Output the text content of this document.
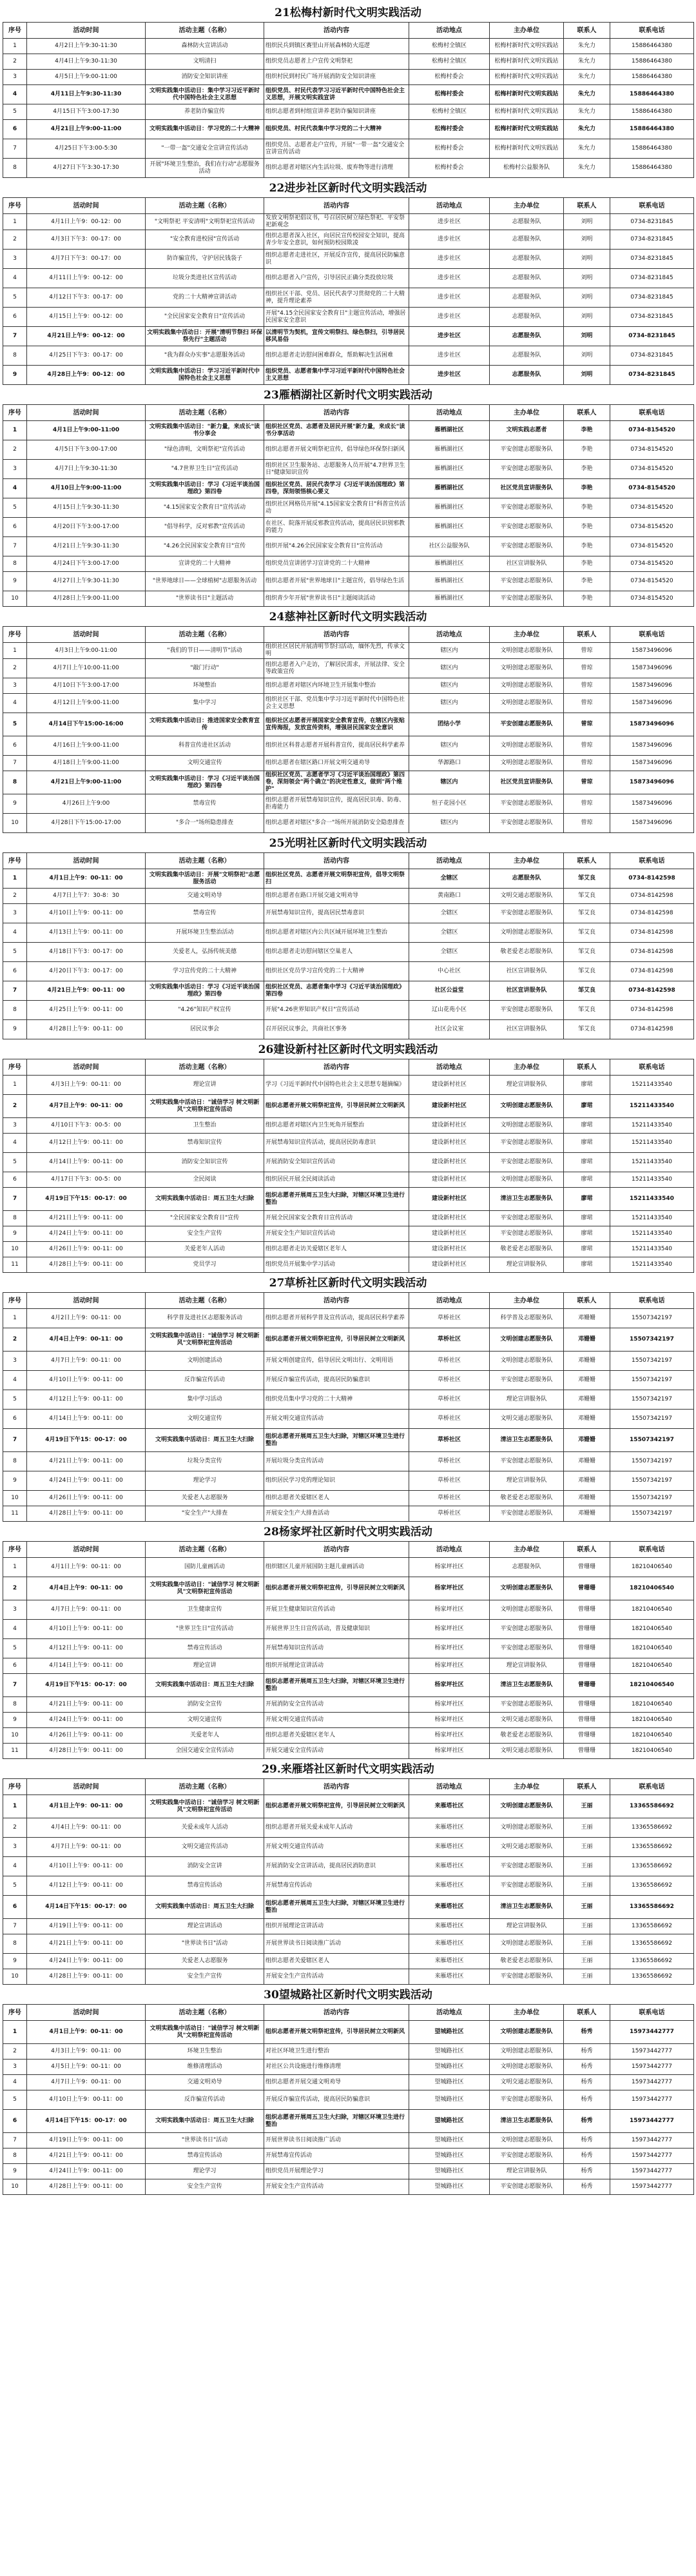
21松梅村新时代文明实践活动
序号	活动时间	活动主题（名称）	活动内容	活动地点	主办单位	联系人	联系电话
1	4月2日上午9:30-11:30	森林防火宣讲活动	组织民兵到镇区赛里山开展森林防火巡逻	松梅村全镇区	松梅村新时代文明实践站	朱允力	15886464380
2	4月4日上午9:30-11:30	文明清扫	组织党员志愿者上户宣传文明祭祀	松梅村全镇区	松梅村新时代文明实践站	朱允力	15886464380
3	4月5日上午9:00-11:00	消防安全知识讲座	组织村民到村民广场开展消防安全知识讲座	松梅村委会	松梅村新时代文明实践站	朱允力	15886464380
4	4月11日上午9:30-11:30	文明实践集中活动日：集中学习习近平新时代中国特色社会主义思想	组织党员、村民代表学习习近平新时代中国特色社会主义思想，开展文明实践宣讲	松梅村委会	松梅村新时代文明实践站	朱允力	15886464380
5	4月15日下午3:00-17:30	养老防诈骗宣传	组织志愿者到村组宣讲养老防诈骗知识讲座	松梅村全镇区	松梅村新时代文明实践站	朱允力	15886464380
6	4月21日上午9:00-11:00	文明实践集中活动日：学习党的二十大精神	组织党员、村民代表集中学习党的二十大精神	松梅村委会	松梅村新时代文明实践站	朱允力	15886464380
7	4月25日下午3:00-5:30	"一带一盔"交通安全宣讲宣传活动	组织党员、志愿者走户宣传，开展"一带一盔"交通安全宣讲宣传活动	松梅村委会	松梅村新时代文明实践站	朱允力	15886464380
8	4月27日下午3:30-17:30	开展"环境卫生整治，我们在行动"志愿服务活动	组织志愿者对辖区内生活垃圾、废弃物等进行清理	松梅村委会	松梅村公益服务队	朱允力	15886464380
22进步社区新时代文明实践活动
序号	活动时间	活动主题（名称）	活动内容	活动地点	主办单位	联系人	联系电话
1	4月1日上午9：00-12：00	"文明祭祀 平安清明"文明祭祀宣传活动	发放文明祭祀倡议书，号召居民树立绿色祭祀、平安祭祀新观念	进步社区	志愿服务队	刘明	0734-8231845
2	4月3日下午3：00-17：00	"安全教育进校园"宣传活动	组织志愿者深入社区，向居民宣传校园安全知识，提高青少年安全意识，如何预防校园欺凌	进步社区	志愿服务队	刘明	0734-8231845
3	4月7日下午3：00-17：00	防诈骗宣传，守护居民钱袋子	组织志愿者走进社区，开展反诈宣传，提高居民防骗意识	进步社区	志愿服务队	刘明	0734-8231845
4	4月11日上午9：00-12：00	垃圾分类进社区宣传活动	组织志愿者入户宣传，引导居民正确分类投放垃圾	进步社区	志愿服务队	刘明	0734-8231845
5	4月12日下午3：00-17：00	党的二十大精神宣讲活动	组织社区干部、党员、居民代表学习贯彻党的二十大精神，提升理论素养	进步社区	志愿服务队	刘明	0734-8231845
6	4月15日上午9：00-12：00	"全民国家安全教育日"宣传活动	开展"4.15全民国家安全教育日"主题宣传活动，增强居民国家安全意识	进步社区	志愿服务队	刘明	0734-8231845
7	4月21日上午9：00-12：00	文明实践集中活动日：开展"清明节祭扫 环保祭先行"主题活动	以清明节为契机，宣传文明祭扫、绿色祭扫，引导居民移风易俗	进步社区	志愿服务队	刘明	0734-8231845
8	4月25日下午3：00-17：00	"我为群众办实事"志愿服务活动	组织志愿者走访慰问困难群众，帮助解决生活困难	进步社区	志愿服务队	刘明	0734-8231845
9	4月28日上午9：00-12：00	文明实践集中活动日：学习习近平新时代中国特色社会主义思想	组织党员、志愿者集中学习习近平新时代中国特色社会主义思想	进步社区	志愿服务队	刘明	0734-8231845
23雁栖湖社区新时代文明实践活动
序号	活动时间	活动主题（名称）	活动内容	活动地点	主办单位	联系人	联系电话
1	4月1日上午9:00-11:00	文明实践集中活动日："新力量，来成长"读书分享会	组织社区党员、志愿者及居民开展"新力量，来成长"读书分享活动	雁栖湖社区	文明实践志愿者	李艳	0734-8154520
2	4月5日下午3:00-17:00	"绿色清明，文明祭祀"宣传活动	组织志愿者开展文明祭祀宣传，倡导绿色环保祭扫新风	雁栖湖社区	平安创建志愿服务队	李艳	0734-8154520
3	4月7日上午9:30-11:30	"4.7世界卫生日"宣传活动	组织社区卫生服务站、志愿服务人员开展"4.7世界卫生日"健康知识宣传	雁栖湖社区	平安创建志愿服务队	李艳	0734-8154520
4	4月10日上午9:00-11:00	文明实践集中活动日：学习《习近平谈治国理政》第四卷	组织社区党员、居民代表学习《习近平谈治国理政》第四卷，深刻领悟核心要义	雁栖湖社区	社区党员宣讲服务队	李艳	0734-8154520
5	4月15日上午9:30-11:30	"4.15国家安全教育日"宣传活动	组织社区网格员开展"4.15国家安全教育日"科普宣传活动	雁栖湖社区	平安创建志愿服务队	李艳	0734-8154520
6	4月20日下午3:00-17:00	"倡导科学，反对邪教"宣传活动	在社区、院落开展反邪教宣传活动，提高居民识别邪教的能力	雁栖湖社区	平安创建志愿服务队	李艳	0734-8154520
7	4月21日上午9:30-11:30	"4.26全民国家安全教育日"宣传	组织开展"4.26全民国家安全教育日"宣传活动	社区公益服务队	平安创建志愿服务队	李艳	0734-8154520
8	4月24日下午3:00-17:00	宣讲党的二十大精神	组织党员宣讲团学习宣讲党的二十大精神	雁栖湖社区	社区宣讲服务队	李艳	0734-8154520
9	4月27日上午9:30-11:30	"世界地球日——全球植树"志愿服务活动	组织志愿者开展"世界地球日"主题宣传，倡导绿色生活	雁栖湖社区	平安创建志愿服务队	李艳	0734-8154520
10	4月28日上午9:00-11:00	"世界读书日"主题活动	组织青少年开展"世界读书日"主题阅读活动	雁栖湖社区	平安创建志愿服务队	李艳	0734-8154520
24慈神社区新时代文明实践活动
序号	活动时间	活动主题（名称）	活动内容	活动地点	主办单位	联系人	联系电话
1	4月3日上午9:00-11:00	"我们的节日——清明节"活动	组织社区居民开展清明节祭扫活动，缅怀先烈，传承文明	辖区内	文明创建志愿服务队	曾琼	15873496096
2	4月7日上午10:00-11:00	"敲门行动"	组织志愿者入户走访，了解居民需求，开展法律、安全等政策宣传	辖区内	文明创建志愿服务队	曾琼	15873496096
3	4月10日下午3:00-17:00	环境整治	组织志愿者对辖区内环境卫生开展集中整治	辖区内	文明创建志愿服务队	曾琼	15873496096
4	4月12日上午9:00-11:00	集中学习	组织社区干部、党员集中学习习近平新时代中国特色社会主义思想	辖区内	文明创建志愿服务队	曾琼	15873496096
5	4月14日下午15:00-16:00	文明实践集中活动日：推进国家安全教育宣传	组织社区志愿者开展国家安全教育宣传，在辖区内张贴宣传海报，发放宣传资料，增强居民国家安全意识	团结小学	平安创建志愿服务队	曾琼	15873496096
6	4月16日上午9:00-11:00	科普宣传进社区活动	组织社区科普志愿者开展科普宣传，提高居民科学素养	辖区内	文明创建志愿服务队	曾琼	15873496096
7	4月18日上午9:00-11:00	文明交通宣传	组织志愿者在辖区路口开展文明交通劝导	华源路口	文明创建志愿服务队	曾琼	15873496096
8	4月21日上午9:00-11:00	文明实践集中活动日：学习《习近平谈治国理政》第四卷	组织社区党员、志愿者学习《习近平谈治国理政》第四卷，深刻领会"两个确立"的决定性意义，做到"两个维护"	辖区内	社区党员宣讲服务队	曾琼	15873496096
9	4月26日上午9:00	禁毒宣传	组织志愿者开展禁毒知识宣传，提高居民识毒、防毒、拒毒能力	恒子花园小区	平安创建志愿服务队	曾琼	15873496096
10	4月28日下午15:00-17:00	"多合一"场所隐患排查	组织志愿者对辖区"多合一"场所开展消防安全隐患排查	辖区内	平安创建志愿服务队	曾琼	15873496096
25光明社区新时代文明实践活动
序号	活动时间	活动主题（名称）	活动内容	活动地点	主办单位	联系人	联系电话
1	4月1日上午9：00-11：00	文明实践集中活动日：开展"文明祭祀"志愿服务活动	组织社区党员、志愿者开展文明祭祀宣传，倡导文明祭扫	全辖区	志愿服务队	邹艾良	0734-8142598
2	4月7日上午7：30-8：30	交通文明劝导	组织志愿者在路口开展交通文明劝导	黄南路口	文明交通志愿服务队	邹艾良	0734-8142598
3	4月10日上午9：00-11：00	禁毒宣传	开展禁毒知识宣传，提高居民禁毒意识	全辖区	平安创建志愿服务队	邹艾良	0734-8142598
4	4月13日上午9：00-11：00	开展环境卫生整治活动	组织志愿者对辖区内公共区域开展环境卫生整治	全辖区	文明创建志愿服务队	邹艾良	0734-8142598
5	4月18日下午3：00-17：00	关爱老人，弘扬传统美德	组织志愿者走访慰问辖区空巢老人	全辖区	敬老爱老志愿服务队	邹艾良	0734-8142598
6	4月20日下午3：00-17：00	学习宣传党的二十大精神	组织社区党员学习宣传党的二十大精神	中心社区	社区宣讲服务队	邹艾良	0734-8142598
7	4月21日上午9：00-11：00	文明实践集中活动日：学习《习近平谈治国理政》第四卷	组织社区党员、志愿者集中学习《习近平谈治国理政》第四卷	社区公益堂	社区宣讲服务队	邹艾良	0734-8142598
8	4月25日上午9：00-11：00	"4.26"知识产权宣传	开展"4.26世界知识产权日"宣传活动	辽山花苑小区	平安创建志愿服务队	邹艾良	0734-8142598
9	4月28日上午9：00-11：00	居民议事会	召开居民议事会，共商社区事务	社区会议室	社区宣讲服务队	邹艾良	0734-8142598
26建设新村社区新时代文明实践活动
序号	活动时间	活动主题（名称）	活动内容	活动地点	主办单位	联系人	联系电话
1	4月3日上午9：00-11：00	理论宣讲	学习《习近平新时代中国特色社会主义思想专题摘编》	建设新村社区	理论宣讲服务队	廖珺	15211433540
2	4月7日上午9：00-11：00	文明实践集中活动日："诚信学习 树文明新风"文明祭祀宣传活动	组织志愿者开展文明祭祀宣传，引导居民树立文明新风	建设新村社区	文明创建志愿服务队	廖珺	15211433540
3	4月10日下午3：00-5：00	卫生整治	组织志愿者对辖区内卫生死角开展整治	建设新村社区	文明创建志愿服务队	廖珺	15211433540
4	4月12日上午9：00-11：00	禁毒知识宣传	开展禁毒知识宣传活动，提高居民防毒意识	建设新村社区	平安创建志愿服务队	廖珺	15211433540
5	4月14日上午9：00-11：00	消防安全知识宣传	开展消防安全知识宣传活动	建设新村社区	平安创建志愿服务队	廖珺	15211433540
6	4月17日下午3：00-5：00	全民阅读	组织居民开展全民阅读活动	建设新村社区	文明创建志愿服务队	廖珺	15211433540
7	4月19日下午15：00-17：00	文明实践集中活动日：周五卫生大扫除	组织志愿者开展周五卫生大扫除，对辖区环境卫生进行整治	建设新村社区	清洁卫生志愿服务队	廖珺	15211433540
8	4月21日上午9：00-11：00	"全民国家安全教育日"宣传	开展全民国家安全教育日宣传活动	建设新村社区	平安创建志愿服务队	廖珺	15211433540
9	4月24日上午9：00-11：00	安全生产宣传	开展安全生产知识宣传活动	建设新村社区	平安创建志愿服务队	廖珺	15211433540
10	4月26日上午9：00-11：00	关爱老年人活动	组织志愿者走访关爱辖区老年人	建设新村社区	敬老爱老志愿服务队	廖珺	15211433540
11	4月28日上午9：00-11：00	党员学习	组织党员开展集中学习活动	建设新村社区	理论宣讲服务队	廖珺	15211433540
27草桥社区新时代文明实践活动
序号	活动时间	活动主题（名称）	活动内容	活动地点	主办单位	联系人	联系电话
1	4月2日上午9：00-11：00	科学普及进社区志愿服务活动	组织志愿者开展科学普及宣传活动，提高居民科学素养	草桥社区	科学普及志愿服务队	邓姗姗	15507342197
2	4月4日上午9：00-11：00	文明实践集中活动日："诚信学习 树文明新风"文明祭祀宣传活动	组织志愿者开展文明祭祀宣传，引导居民树立文明新风	草桥社区	文明创建志愿服务队	邓姗姗	15507342197
3	4月7日上午9：00-11：00	文明创建活动	开展文明创建宣传，倡导居民文明出行、文明用语	草桥社区	文明创建志愿服务队	邓姗姗	15507342197
4	4月10日上午9：00-11：00	反诈骗宣传活动	开展反诈骗宣传活动，提高居民防骗意识	草桥社区	平安创建志愿服务队	邓姗姗	15507342197
5	4月12日上午9：00-11：00	集中学习活动	组织党员集中学习党的二十大精神	草桥社区	理论宣讲服务队	邓姗姗	15507342197
6	4月14日上午9：00-11：00	文明交通宣传	开展文明交通宣传活动	草桥社区	文明交通志愿服务队	邓姗姗	15507342197
7	4月19日下午15：00-17：00	文明实践集中活动日：周五卫生大扫除	组织志愿者开展周五卫生大扫除，对辖区环境卫生进行整治	草桥社区	清洁卫生志愿服务队	邓姗姗	15507342197
8	4月21日上午9：00-11：00	垃圾分类宣传	开展垃圾分类宣传活动	草桥社区	平安创建志愿服务队	邓姗姗	15507342197
9	4月24日上午9：00-11：00	理论学习	组织居民学习党的理论知识	草桥社区	理论宣讲服务队	邓姗姗	15507342197
10	4月26日上午9：00-11：00	关爱老人志愿服务	组织志愿者关爱辖区老人	草桥社区	敬老爱老志愿服务队	邓姗姗	15507342197
11	4月28日上午9：00-11：00	"安全生产"大排查	开展安全生产大排查活动	草桥社区	平安创建志愿服务队	邓姗姗	15507342197
28杨家坪社区新时代文明实践活动
序号	活动时间	活动主题（名称）	活动内容	活动地点	主办单位	联系人	联系电话
1	4月1日上午9：00-11：00	国防儿童画活动	组织辖区儿童开展国防主题儿童画活动	杨家坪社区	志愿服务队	曾珊珊	18210406540
2	4月4日上午9：00-11：00	文明实践集中活动日："诚信学习 树文明新风"文明祭祀宣传活动	组织志愿者开展文明祭祀宣传，引导居民树立文明新风	杨家坪社区	文明创建志愿服务队	曾珊珊	18210406540
3	4月7日上午9：00-11：00	卫生健康宣传	开展卫生健康知识宣传活动	杨家坪社区	文明创建志愿服务队	曾珊珊	18210406540
4	4月10日上午9：00-11：00	"世界卫生日"宣传活动	开展世界卫生日宣传活动，普及健康知识	杨家坪社区	平安创建志愿服务队	曾珊珊	18210406540
5	4月12日上午9：00-11：00	禁毒宣传活动	开展禁毒知识宣传活动	杨家坪社区	平安创建志愿服务队	曾珊珊	18210406540
6	4月14日上午9：00-11：00	理论宣讲	组织开展理论宣讲活动	杨家坪社区	理论宣讲服务队	曾珊珊	18210406540
7	4月19日下午15：00-17：00	文明实践集中活动日：周五卫生大扫除	组织志愿者开展周五卫生大扫除，对辖区环境卫生进行整治	杨家坪社区	清洁卫生志愿服务队	曾珊珊	18210406540
8	4月21日上午9：00-11：00	消防安全宣传	开展消防安全宣传活动	杨家坪社区	平安创建志愿服务队	曾珊珊	18210406540
9	4月24日上午9：00-11：00	文明交通宣传	开展文明交通宣传活动	杨家坪社区	文明交通志愿服务队	曾珊珊	18210406540
10	4月26日上午9：00-11：00	关爱老年人	组织志愿者关爱辖区老年人	杨家坪社区	敬老爱老志愿服务队	曾珊珊	18210406540
11	4月28日上午9：00-11：00	全国交通安全宣传活动	开展交通安全宣传活动	杨家坪社区	文明交通志愿服务队	曾珊珊	18210406540
29.来雁塔社区新时代文明实践活动
序号	活动时间	活动主题（名称）	活动内容	活动地点	主办单位	联系人	联系电话
1	4月1日上午9：00-11：00	文明实践集中活动日："诚信学习 树文明新风"文明祭祀宣传活动	组织志愿者开展文明祭祀宣传，引导居民树立文明新风	来雁塔社区	文明创建志愿服务队	王丽	13365586692
2	4月4日上午9：00-11：00	关爱未成年人活动	组织志愿者开展关爱未成年人活动	来雁塔社区	文明创建志愿服务队	王丽	13365586692
3	4月7日上午9：00-11：00	文明交通宣传活动	开展文明交通宣传活动	来雁塔社区	文明交通志愿服务队	王丽	13365586692
4	4月10日上午9：00-11：00	消防安全宣讲	开展消防安全宣讲活动，提高居民消防意识	来雁塔社区	平安创建志愿服务队	王丽	13365586692
5	4月12日上午9：00-11：00	禁毒宣传活动	开展禁毒宣传活动	来雁塔社区	平安创建志愿服务队	王丽	13365586692
6	4月14日下午15：00-17：00	文明实践集中活动日：周五卫生大扫除	组织志愿者开展周五卫生大扫除，对辖区环境卫生进行整治	来雁塔社区	清洁卫生志愿服务队	王丽	13365586692
7	4月19日上午9：00-11：00	理论宣讲活动	组织开展理论宣讲活动	来雁塔社区	理论宣讲服务队	王丽	13365586692
8	4月21日上午9：00-11：00	"世界读书日"活动	开展世界读书日阅读推广活动	来雁塔社区	文明创建志愿服务队	王丽	13365586692
9	4月24日上午9：00-11：00	关爱老人志愿服务	组织志愿者关爱辖区老人	来雁塔社区	敬老爱老志愿服务队	王丽	13365586692
10	4月28日上午9：00-11：00	安全生产宣传	开展安全生产宣传活动	来雁塔社区	平安创建志愿服务队	王丽	13365586692
30望城路社区新时代文明实践活动
序号	活动时间	活动主题（名称）	活动内容	活动地点	主办单位	联系人	联系电话
1	4月1日上午9：00-11：00	文明实践集中活动日："诚信学习 树文明新风"文明祭祀宣传活动	组织志愿者开展文明祭祀宣传，引导居民树立文明新风	望城路社区	文明创建志愿服务队	杨秀	15973442777
2	4月3日上午9：00-11：00	环境卫生整治	对社区环境卫生进行整治	望城路社区	文明创建志愿服务队	杨秀	15973442777
3	4月5日上午9：00-11：00	维修清理活动	对社区公共设施进行维修清理	望城路社区	文明创建志愿服务队	杨秀	15973442777
4	4月7日上午9：00-11：00	交通文明劝导	组织志愿者开展交通文明劝导	望城路社区	文明交通志愿服务队	杨秀	15973442777
5	4月10日上午9：00-11：00	反诈骗宣传活动	开展反诈骗宣传活动，提高居民防骗意识	望城路社区	平安创建志愿服务队	杨秀	15973442777
6	4月14日下午15：00-17：00	文明实践集中活动日：周五卫生大扫除	组织志愿者开展周五卫生大扫除，对辖区环境卫生进行整治	望城路社区	清洁卫生志愿服务队	杨秀	15973442777
7	4月19日上午9：00-11：00	"世界读书日"活动	开展世界读书日阅读推广活动	望城路社区	文明创建志愿服务队	杨秀	15973442777
8	4月21日上午9：00-11：00	禁毒宣传活动	开展禁毒宣传活动	望城路社区	平安创建志愿服务队	杨秀	15973442777
9	4月24日上午9：00-11：00	理论学习	组织党员开展理论学习	望城路社区	理论宣讲服务队	杨秀	15973442777
10	4月28日上午9：00-11：00	安全生产宣传	开展安全生产宣传活动	望城路社区	平安创建志愿服务队	杨秀	15973442777
